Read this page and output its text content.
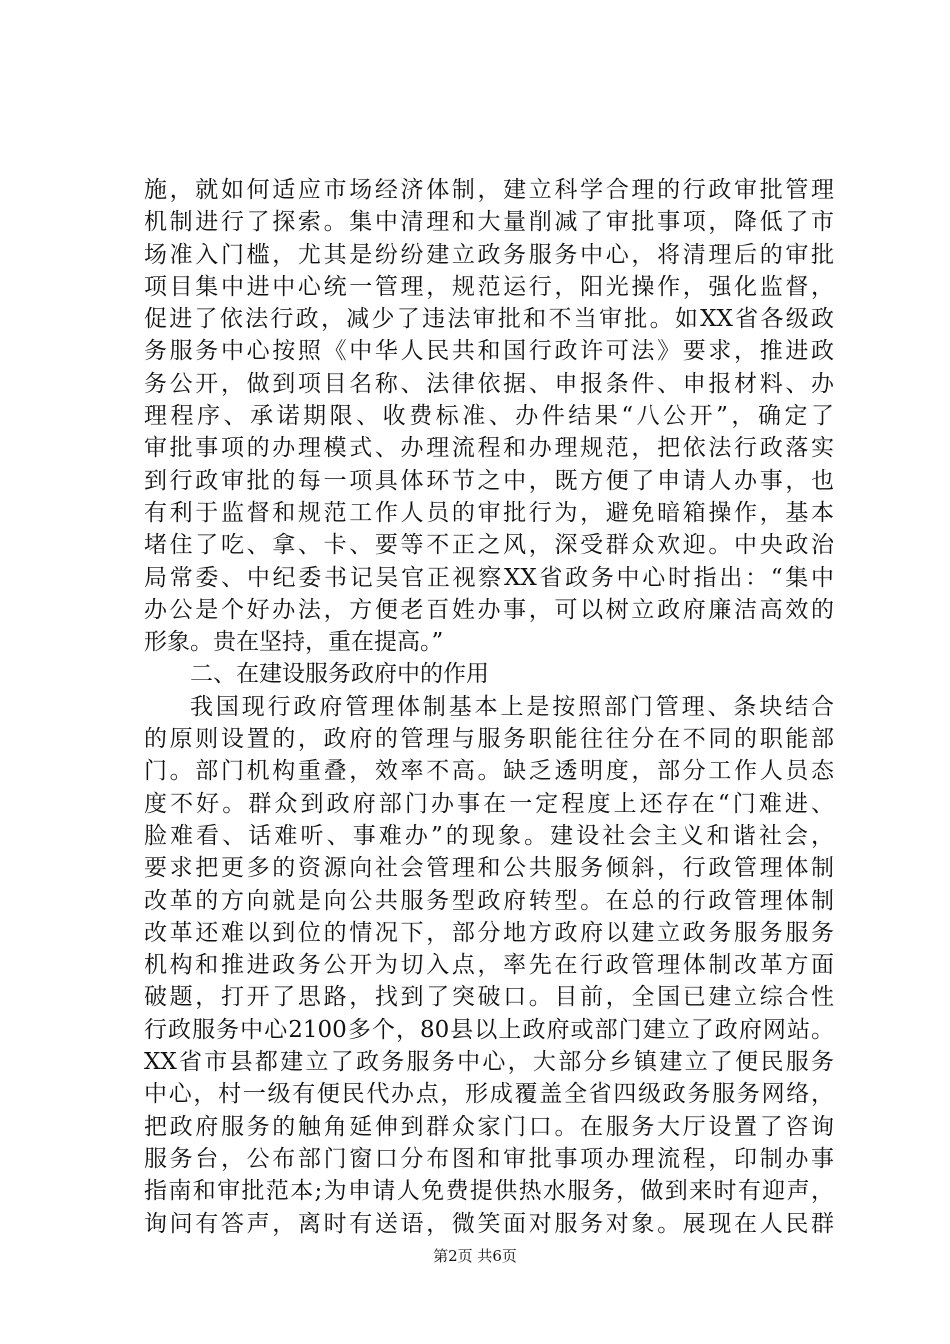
施，就如何适应市场经济体制，建立科学合理的行政审批管理
机制进行了探索。集中清理和大量削减了审批事项，降低了市
场准入门槛，尤其是纷纷建立政务服务中心，将清理后的审批
项目集中进中心统一管理，规范运行，阳光操作，强化监督，
促进了依法行政，减少了违法审批和不当审批。如XX省各级政
务服务中心按照《中华人民共和国行政许可法》要求，推进政
务公开，做到项目名称、法律依据、申报条件、申报材料、办
理程序、承诺期限、收费标准、办件结果“八公开”，确定了
审批事项的办理模式、办理流程和办理规范，把依法行政落实
到行政审批的每一项具体环节之中，既方便了申请人办事，也
有利于监督和规范工作人员的审批行为，避免暗箱操作，基本
堵住了吃、拿、卡、要等不正之风，深受群众欢迎。中央政治
局常委、中纪委书记吴官正视察XX省政务中心时指出：“集中
办公是个好办法，方便老百姓办事，可以树立政府廉洁高效的
形象。贵在坚持，重在提高。”
二、在建设服务政府中的作用
我国现行政府管理体制基本上是按照部门管理、条块结合
的原则设置的，政府的管理与服务职能往往分在不同的职能部
门。部门机构重叠，效率不高。缺乏透明度，部分工作人员态
度不好。群众到政府部门办事在一定程度上还存在“门难进、
脸难看、话难听、事难办”的现象。建设社会主义和谐社会，
要求把更多的资源向社会管理和公共服务倾斜，行政管理体制
改革的方向就是向公共服务型政府转型。在总的行政管理体制
改革还难以到位的情况下，部分地方政府以建立政务服务服务
机构和推进政务公开为切入点，率先在行政管理体制改革方面
破题，打开了思路，找到了突破口。目前，全国已建立综合性
行政服务中心2100多个，80县以上政府或部门建立了政府网站。
XX省市县都建立了政务服务中心，大部分乡镇建立了便民服务
中心，村一级有便民代办点，形成覆盖全省四级政务服务网络，
把政府服务的触角延伸到群众家门口。在服务大厅设置了咨询
服务台，公布部门窗口分布图和审批事项办理流程，印制办事
指南和审批范本;为申请人免费提供热水服务，做到来时有迎声，
询问有答声，离时有送语，微笑面对服务对象。展现在人民群
第2页 共6页
